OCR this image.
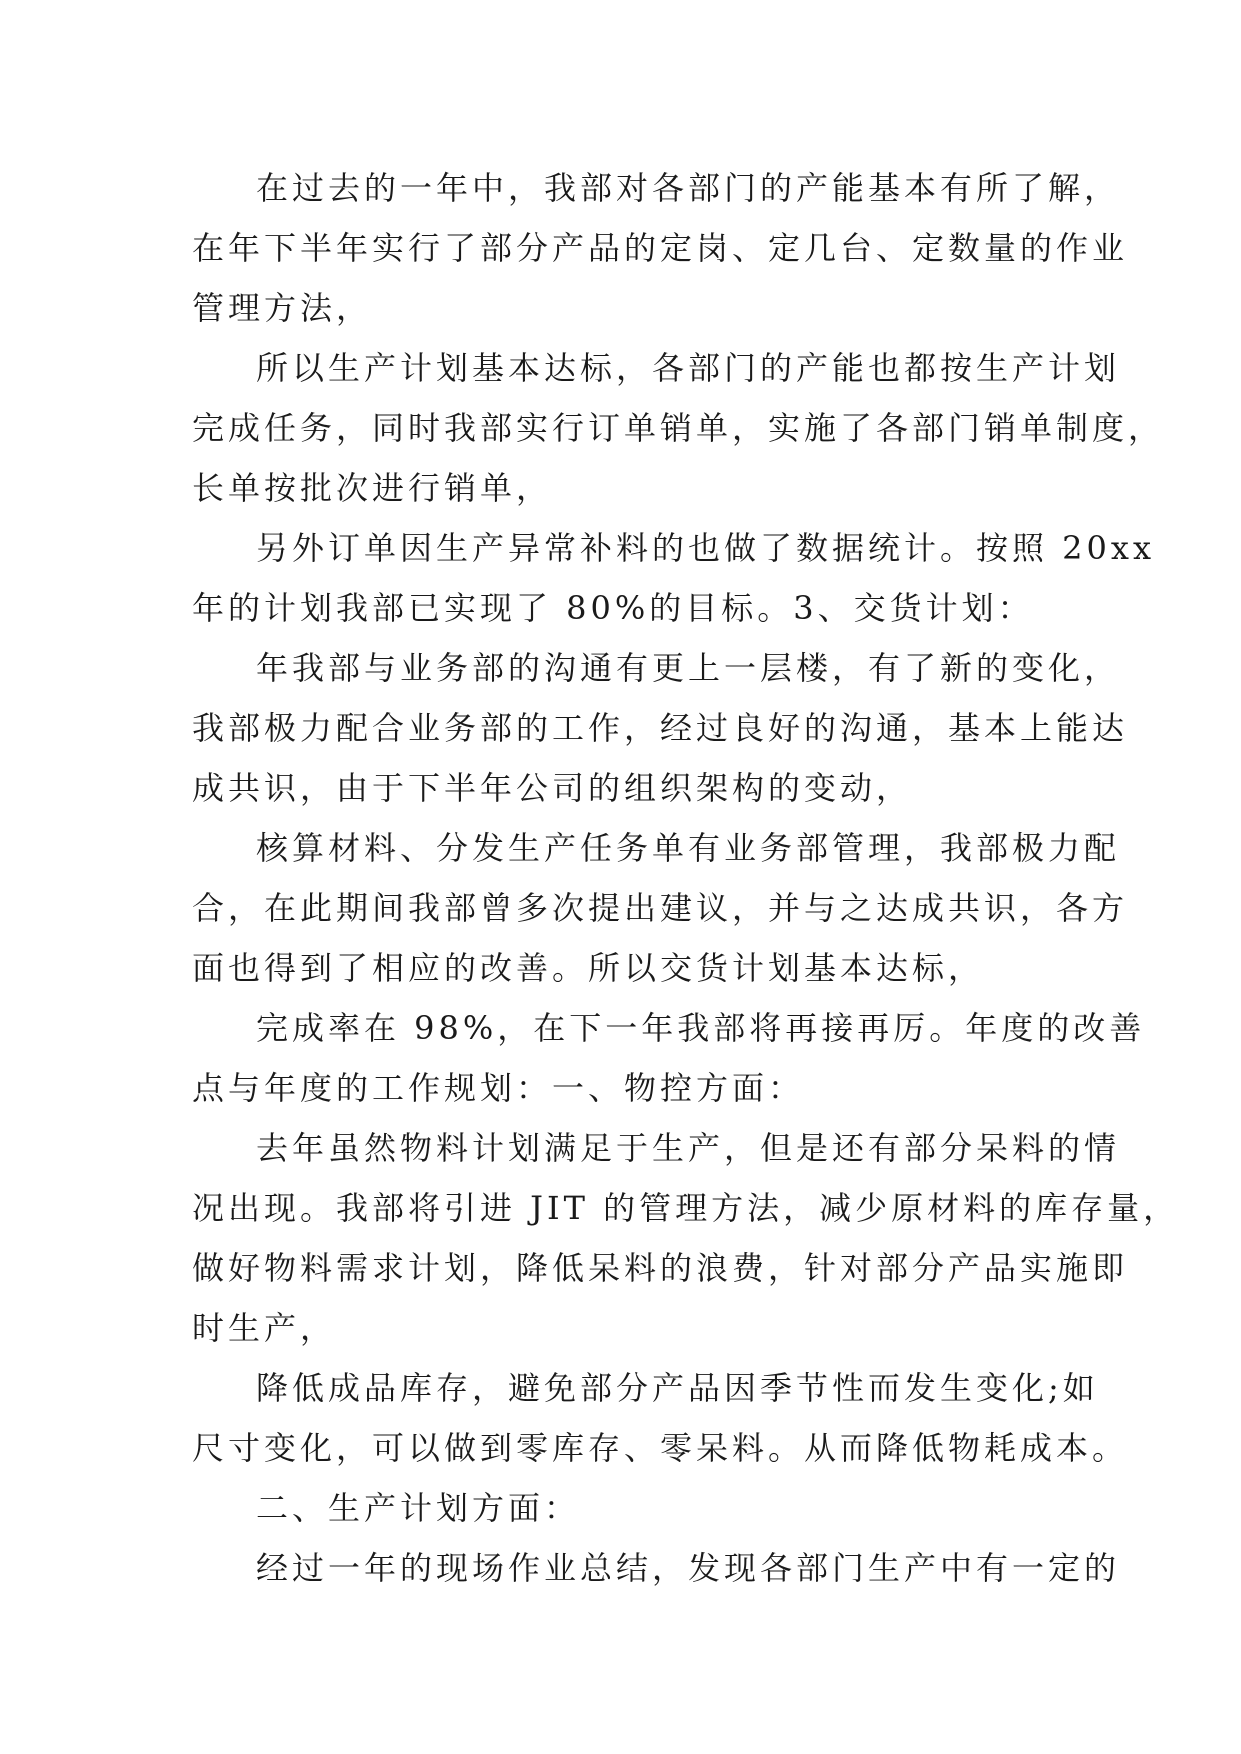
在过去的一年中，我部对各部门的产能基本有所了解，
在年下半年实行了部分产品的定岗、定几台、定数量的作业
管理方法，
所以生产计划基本达标，各部门的产能也都按生产计划
完成任务，同时我部实行订单销单，实施了各部门销单制度，
长单按批次进行销单，
另外订单因生产异常补料的也做了数据统计。按照 20xx
年的计划我部已实现了 80%的目标。3、交货计划：
年我部与业务部的沟通有更上一层楼，有了新的变化，
我部极力配合业务部的工作，经过良好的沟通，基本上能达
成共识，由于下半年公司的组织架构的变动，
核算材料、分发生产任务单有业务部管理，我部极力配
合，在此期间我部曾多次提出建议，并与之达成共识，各方
面也得到了相应的改善。所以交货计划基本达标，
完成率在 98%，在下一年我部将再接再厉。年度的改善
点与年度的工作规划：一、物控方面：
去年虽然物料计划满足于生产，但是还有部分呆料的情
况出现。我部将引进 JIT 的管理方法，减少原材料的库存量，
做好物料需求计划，降低呆料的浪费，针对部分产品实施即
时生产，
降低成品库存，避免部分产品因季节性而发生变化;如
尺寸变化，可以做到零库存、零呆料。从而降低物耗成本。
二、生产计划方面：
经过一年的现场作业总结，发现各部门生产中有一定的
